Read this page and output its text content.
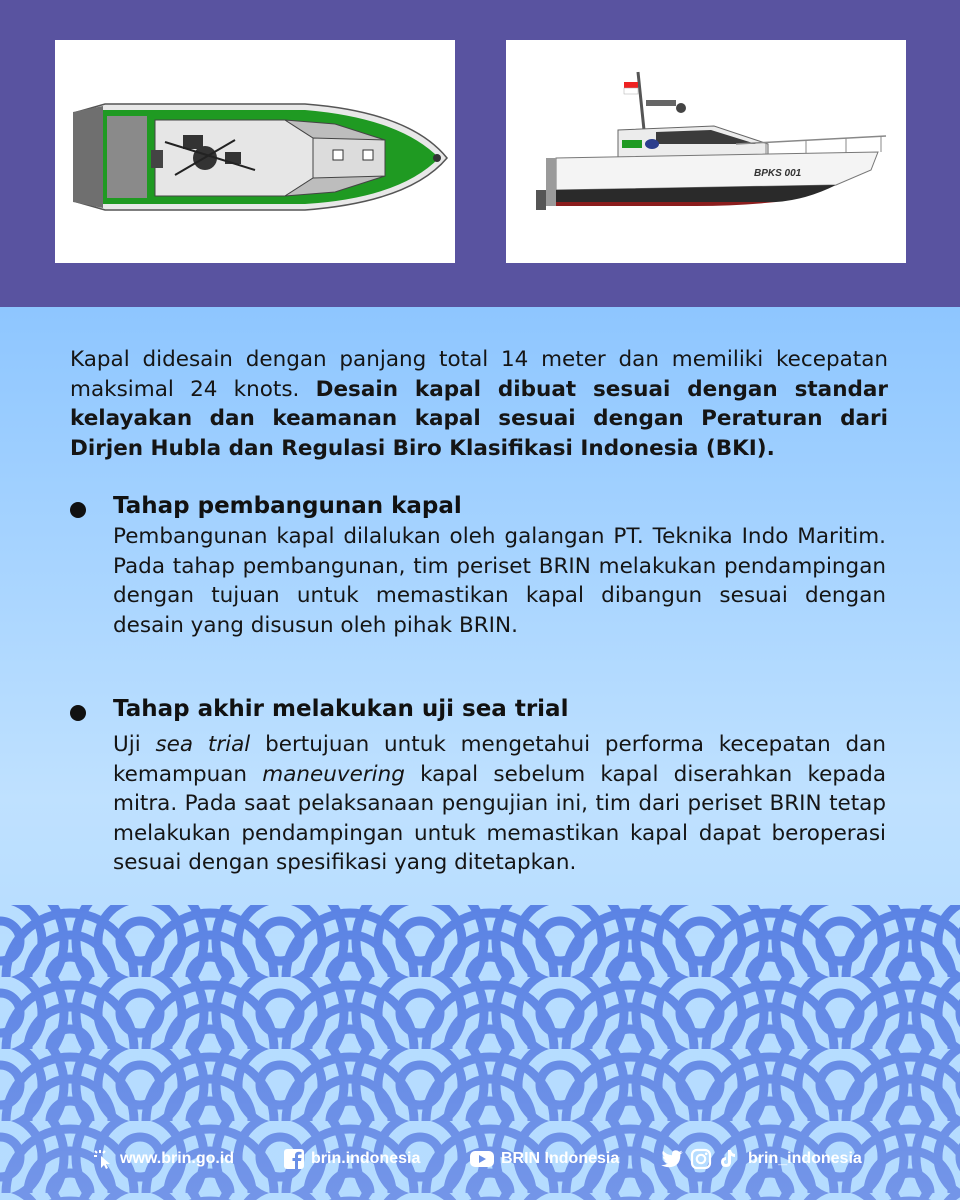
BPKS 001

Kapal didesain dengan panjang total 14 meter dan memiliki kecepatan maksimal 24 knots. Desain kapal dibuat sesuai dengan standar kelayakan dan keamanan kapal sesuai dengan Peraturan dari Dirjen Hubla dan Regulasi Biro Klasifikasi Indonesia (BKI).

Tahap pembangunan kapal

Pembangunan kapal dilalukan oleh galangan PT. Teknika Indo Maritim. Pada tahap pembangunan, tim periset BRIN melakukan pendampingan dengan tujuan untuk memastikan kapal dibangun sesuai dengan desain yang disusun oleh pihak BRIN.

Tahap akhir melakukan uji sea trial

Uji sea trial bertujuan untuk mengetahui performa kecepatan dan kemampuan maneuvering kapal sebelum kapal diserahkan kepada mitra. Pada saat pelaksanaan pengujian ini, tim dari periset BRIN tetap melakukan pendampingan untuk memastikan kapal dapat beroperasi sesuai dengan spesifikasi yang ditetapkan.

www.brin.go.id	brin.indonesia	BRIN Indonesia	brin_indonesia
